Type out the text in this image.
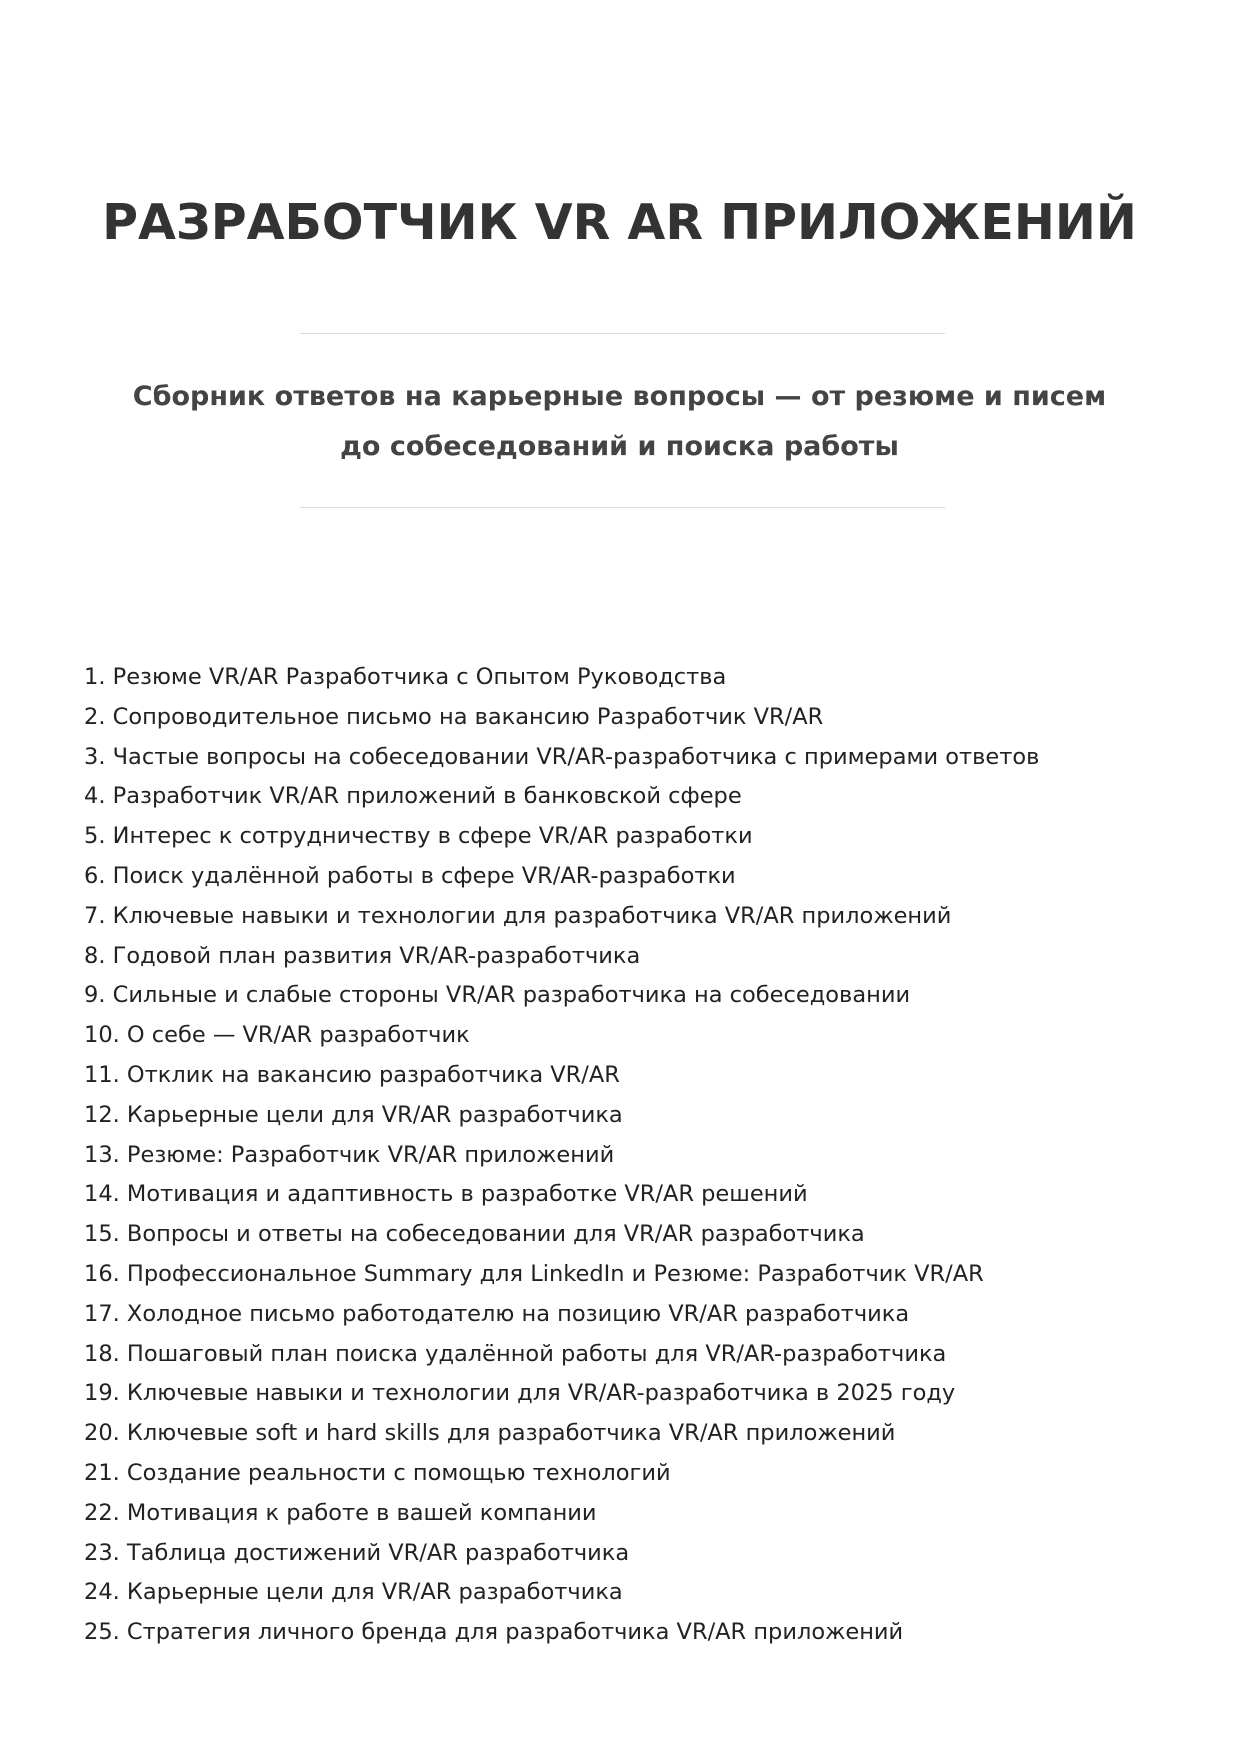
РАЗРАБОТЧИК VR AR ПРИЛОЖЕНИЙ

Сборник ответов на карьерные вопросы — от резюме и писем до собеседований и поиска работы

1. Резюме VR/AR Разработчика с Опытом Руководства
2. Сопроводительное письмо на вакансию Разработчик VR/AR
3. Частые вопросы на собеседовании VR/AR-разработчика с примерами ответов
4. Разработчик VR/AR приложений в банковской сфере
5. Интерес к сотрудничеству в сфере VR/AR разработки
6. Поиск удалённой работы в сфере VR/AR-разработки
7. Ключевые навыки и технологии для разработчика VR/AR приложений
8. Годовой план развития VR/AR-разработчика
9. Сильные и слабые стороны VR/AR разработчика на собеседовании
10. О себе — VR/AR разработчик
11. Отклик на вакансию разработчика VR/AR
12. Карьерные цели для VR/AR разработчика
13. Резюме: Разработчик VR/AR приложений
14. Мотивация и адаптивность в разработке VR/AR решений
15. Вопросы и ответы на собеседовании для VR/AR разработчика
16. Профессиональное Summary для LinkedIn и Резюме: Разработчик VR/AR
17. Холодное письмо работодателю на позицию VR/AR разработчика
18. Пошаговый план поиска удалённой работы для VR/AR-разработчика
19. Ключевые навыки и технологии для VR/AR-разработчика в 2025 году
20. Ключевые soft и hard skills для разработчика VR/AR приложений
21. Создание реальности с помощью технологий
22. Мотивация к работе в вашей компании
23. Таблица достижений VR/AR разработчика
24. Карьерные цели для VR/AR разработчика
25. Стратегия личного бренда для разработчика VR/AR приложений
